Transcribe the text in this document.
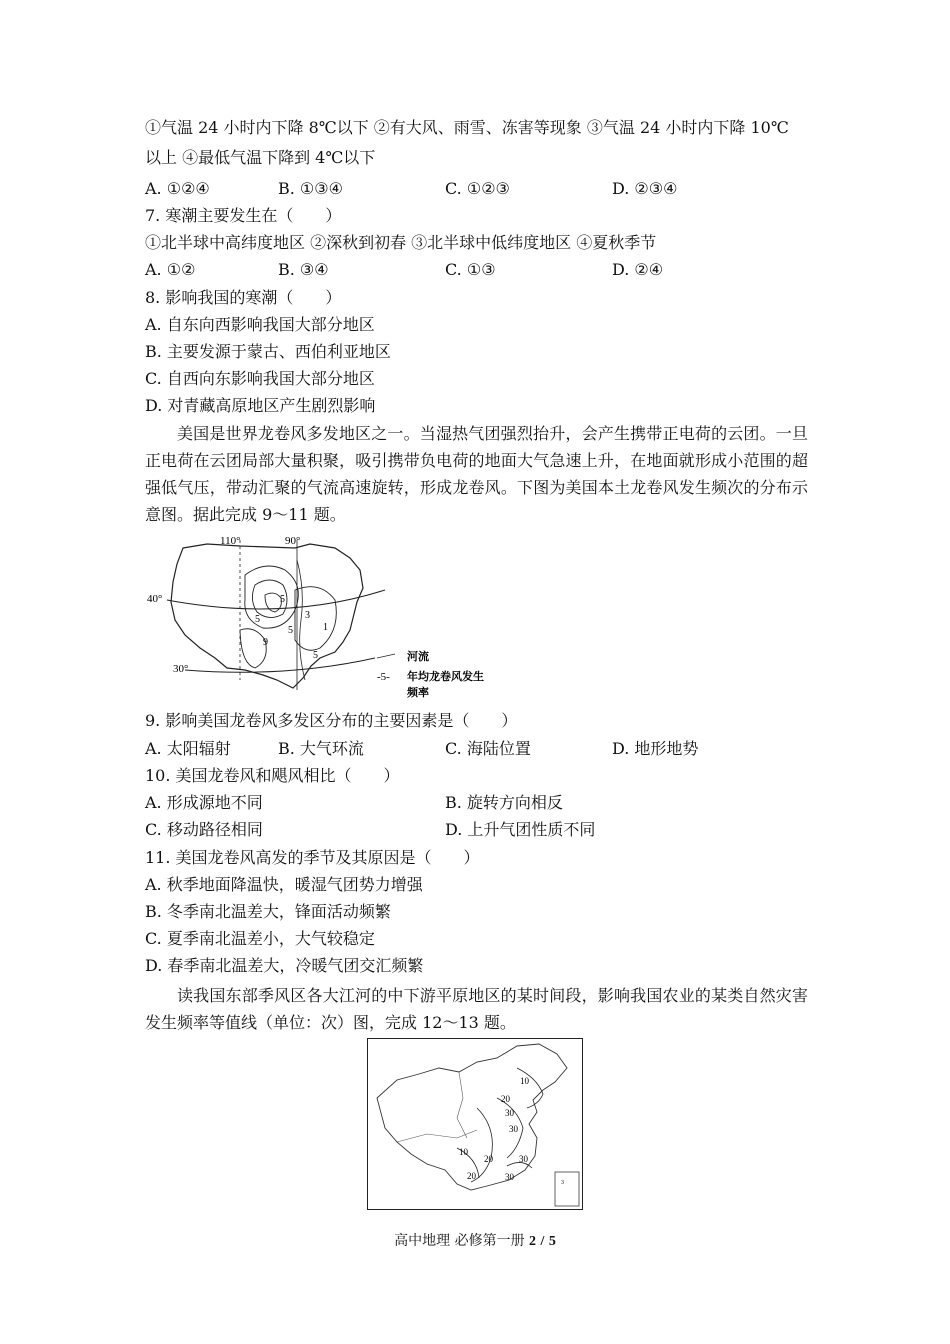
①气温 24 小时内下降 8℃以下 ②有大风、雨雪、冻害等现象 ③气温 24 小时内下降 10℃
以上 ④最低气温下降到 4℃以下
A. ①②④	B. ①③④	C. ①②③	D. ②③④
7. 寒潮主要发生在（　　）
①北半球中高纬度地区 ②深秋到初春 ③北半球中低纬度地区 ④夏秋季节
A. ①②	B. ③④	C. ①③	D. ②④
8. 影响我国的寒潮（　　）
A. 自东向西影响我国大部分地区
B. 主要发源于蒙古、西伯利亚地区
C. 自西向东影响我国大部分地区
D. 对青藏高原地区产生剧烈影响
美国是世界龙卷风多发地区之一。当湿热气团强烈抬升，会产生携带正电荷的云团。一旦正电荷在云团局部大量积聚，吸引携带负电荷的地面大气急速上升，在地面就形成小范围的超强低气压，带动汇聚的气流高速旋转，形成龙卷风。下图为美国本土龙卷风发生频次的分布示意图。据此完成 9～11 题。
110°	90°
40°
30°
5
3
1
5
9
5
5	河流
-5- 年均龙卷风发生
频率
9. 影响美国龙卷风多发区分布的主要因素是（　　）
A. 太阳辐射	B. 大气环流	C. 海陆位置	D. 地形地势
10. 美国龙卷风和飓风相比（　　）
A. 形成源地不同	B. 旋转方向相反
C. 移动路径相同	D. 上升气团性质不同
11. 美国龙卷风高发的季节及其原因是（　　）
A. 秋季地面降温快，暖湿气团势力增强
B. 冬季南北温差大，锋面活动频繁
C. 夏季南北温差小，大气较稳定
D. 春季南北温差大，冷暖气团交汇频繁
读我国东部季风区各大江河的中下游平原地区的某时间段，影响我国农业的某类自然灾害发生频率等值线（单位：次）图，完成 12～13 题。
3
10
20
30
30
10
20	30
30
20
高中地理 必修第一册 2 / 5
